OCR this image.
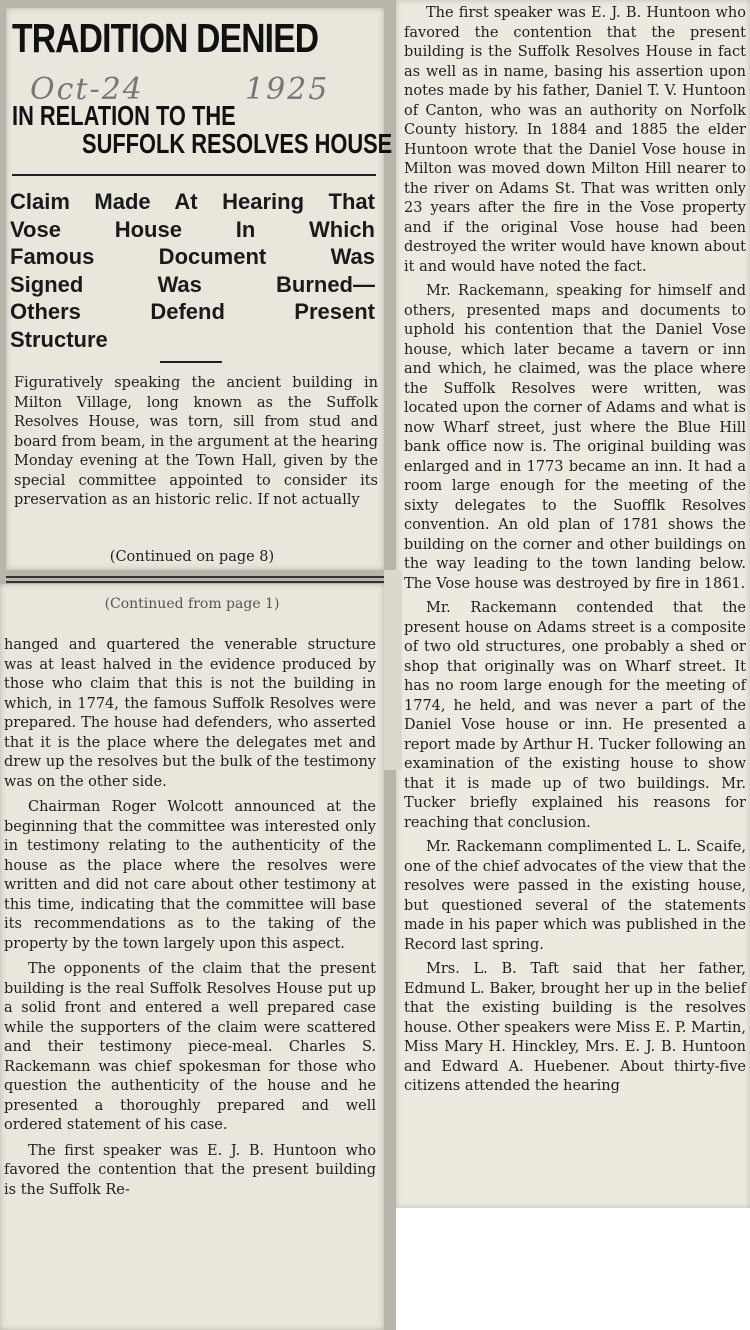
TRADITION DENIED
Oct-24	1925
IN RELATION TO THE
SUFFOLK RESOLVES HOUSE
Claim Made At Hearing That
Vose House In Which
Famous Document Was
Signed Was Burned—
Others Defend Present
Structure

Figuratively speaking the ancient building in Milton Village, long known as the Suffolk Resolves House, was torn, sill from stud and board from beam, in the argument at the hearing Monday evening at the Town Hall, given by the special committee appointed to consider its preservation as an historic relic. If not actually

(Continued on page 8)
(Continued from page 1)

hanged and quartered the venerable structure was at least halved in the evidence produced by those who claim that this is not the building in which, in 1774, the famous Suffolk Resolves were prepared. The house had defenders, who asserted that it is the place where the delegates met and drew up the resolves but the bulk of the testimony was on the other side.

Chairman Roger Wolcott announced at the beginning that the committee was interested only in testimony relating to the authenticity of the house as the place where the resolves were written and did not care about other testimony at this time, indicating that the committee will base its recommendations as to the taking of the property by the town largely upon this aspect.

The opponents of the claim that the present building is the real Suffolk Resolves House put up a solid front and entered a well prepared case while the supporters of the claim were scattered and their testimony piece-meal. Charles S. Rackemann was chief spokesman for those who question the authenticity of the house and he presented a thoroughly prepared and well ordered statement of his case.

The first speaker was E. J. B. Huntoon who favored the contention that the present building is the Suffolk Re-

The first speaker was E. J. B. Huntoon who favored the contention that the present building is the Suffolk Resolves House in fact as well as in name, basing his assertion upon notes made by his father, Daniel T. V. Huntoon of Canton, who was an authority on Norfolk County history. In 1884 and 1885 the elder Huntoon wrote that the Daniel Vose house in Milton was moved down Milton Hill nearer to the river on Adams St. That was written only 23 years after the fire in the Vose property and if the original Vose house had been destroyed the writer would have known about it and would have noted the fact.

Mr. Rackemann, speaking for himself and others, presented maps and documents to uphold his contention that the Daniel Vose house, which later became a tavern or inn and which, he claimed, was the place where the Suffolk Resolves were written, was located upon the corner of Adams and what is now Wharf street, just where the Blue Hill bank office now is. The original building was enlarged and in 1773 became an inn. It had a room large enough for the meeting of the sixty delegates to the Suofflk Resolves convention. An old plan of 1781 shows the building on the corner and other buildings on the way leading to the town landing below. The Vose house was destroyed by fire in 1861.

Mr. Rackemann contended that the present house on Adams street is a composite of two old structures, one probably a shed or shop that originally was on Wharf street. It has no room large enough for the meeting of 1774, he held, and was never a part of the Daniel Vose house or inn. He presented a report made by Arthur H. Tucker following an examination of the existing house to show that it is made up of two buildings. Mr. Tucker briefly explained his reasons for reaching that conclusion.

Mr. Rackemann complimented L. L. Scaife, one of the chief advocates of the view that the resolves were passed in the existing house, but questioned several of the statements made in his paper which was published in the Record last spring.

Mrs. L. B. Taft said that her father, Edmund L. Baker, brought her up in the belief that the existing building is the resolves house. Other speakers were Miss E. P. Martin, Miss Mary H. Hinckley, Mrs. E. J. B. Huntoon and Edward A. Huebener. About thirty-five citizens attended the hearing
